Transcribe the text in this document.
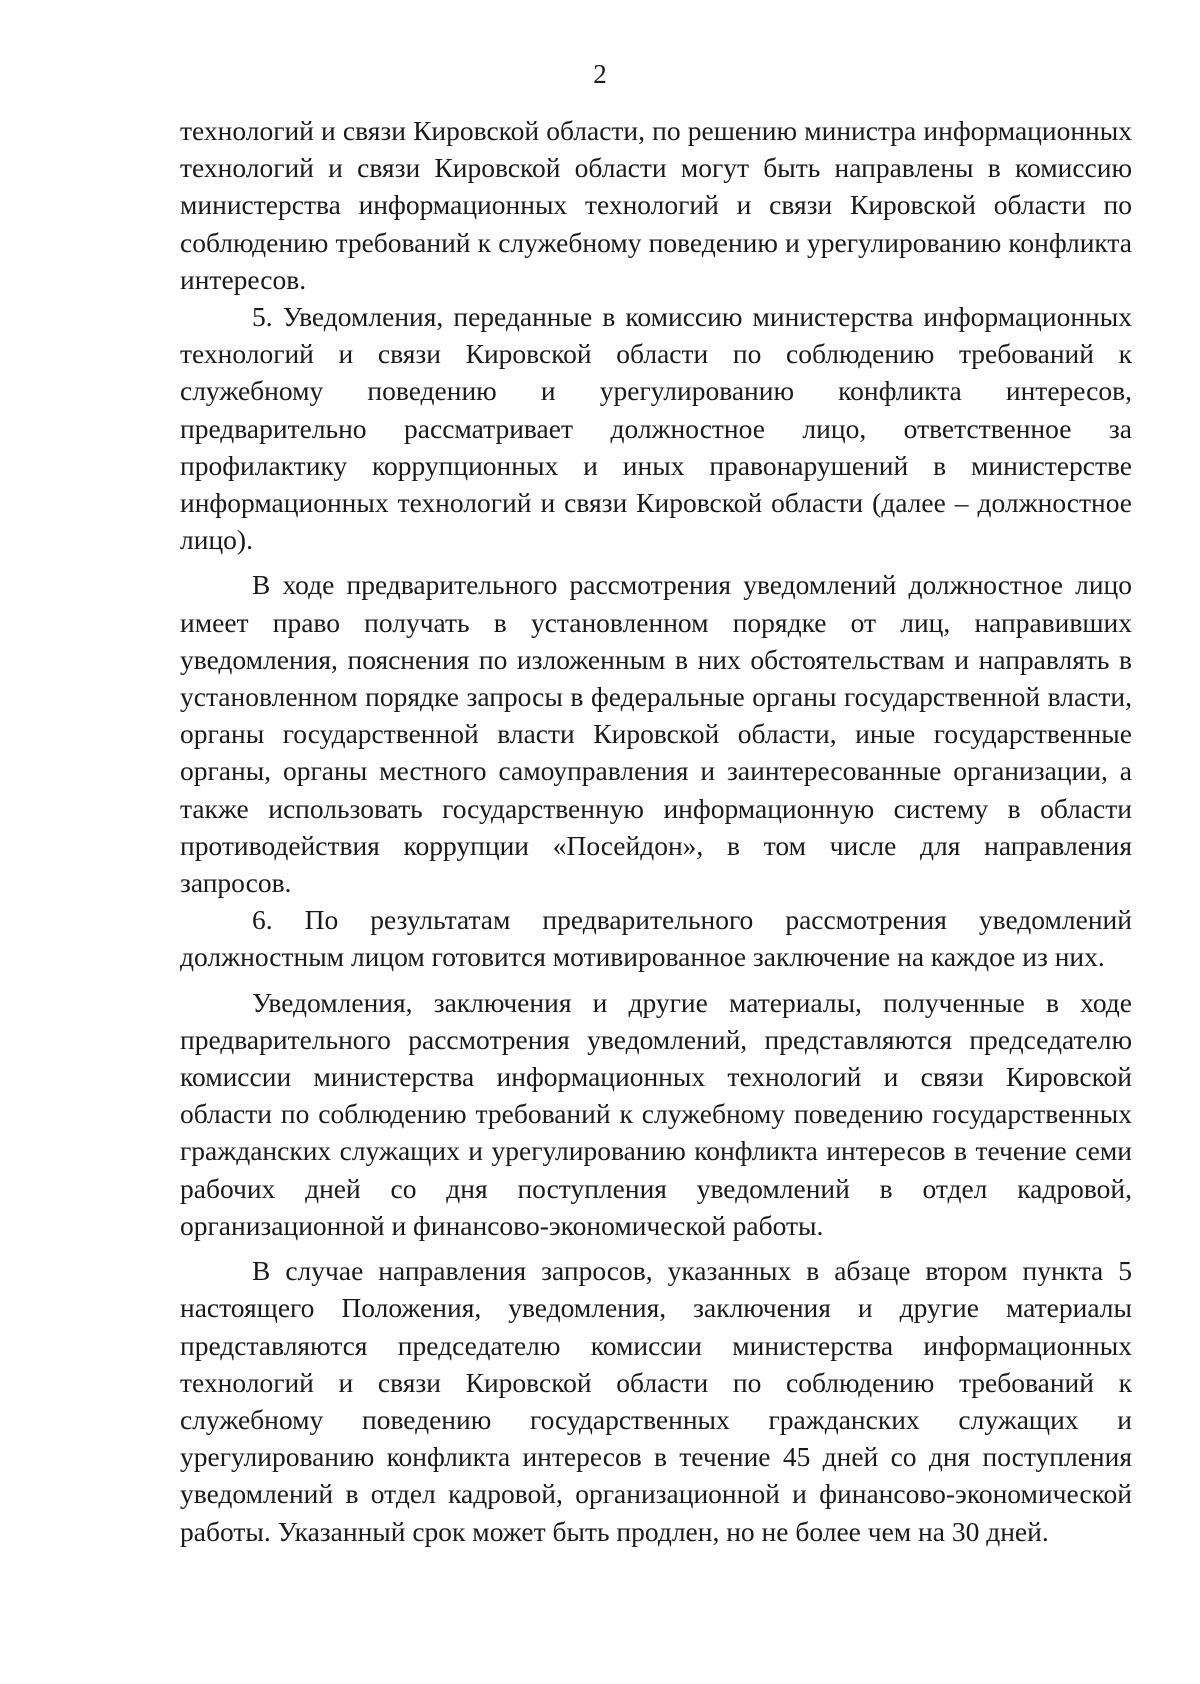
2

технологий и связи Кировской области, по решению министра информационных технологий и связи Кировской области могут быть направлены в комиссию министерства информационных технологий и связи Кировской области по соблюдению требований к служебному поведению и урегулированию конфликта интересов.

5. Уведомления, переданные в комиссию министерства информационных технологий и связи Кировской области по соблюдению требований к служебному поведению и урегулированию конфликта интересов, предварительно рассматривает должностное лицо, ответственное за профилактику коррупционных и иных правонарушений в министерстве информационных технологий и связи Кировской области (далее – должностное лицо).

В ходе предварительного рассмотрения уведомлений должностное лицо имеет право получать в установленном порядке от лиц, направивших уведомления, пояснения по изложенным в них обстоятельствам и направлять в установленном порядке запросы в федеральные органы государственной власти, органы государственной власти Кировской области, иные государственные органы, органы местного самоуправления и заинтересованные организации, а также использовать государственную информационную систему в области противодействия коррупции «Посейдон», в том числе для направления запросов.

6. По результатам предварительного рассмотрения уведомлений должностным лицом готовится мотивированное заключение на каждое из них.

Уведомления, заключения и другие материалы, полученные в ходе предварительного рассмотрения уведомлений, представляются председателю комиссии министерства информационных технологий и связи Кировской области по соблюдению требований к служебному поведению государственных гражданских служащих и урегулированию конфликта интересов в течение семи рабочих дней со дня поступления уведомлений в отдел кадровой, организационной и финансово-экономической работы.

В случае направления запросов, указанных в абзаце втором пункта 5 настоящего Положения, уведомления, заключения и другие материалы представляются председателю комиссии министерства информационных технологий и связи Кировской области по соблюдению требований к служебному поведению государственных гражданских служащих и урегулированию конфликта интересов в течение 45 дней со дня поступления уведомлений в отдел кадровой, организационной и финансово-экономической работы. Указанный срок может быть продлен, но не более чем на 30 дней.
